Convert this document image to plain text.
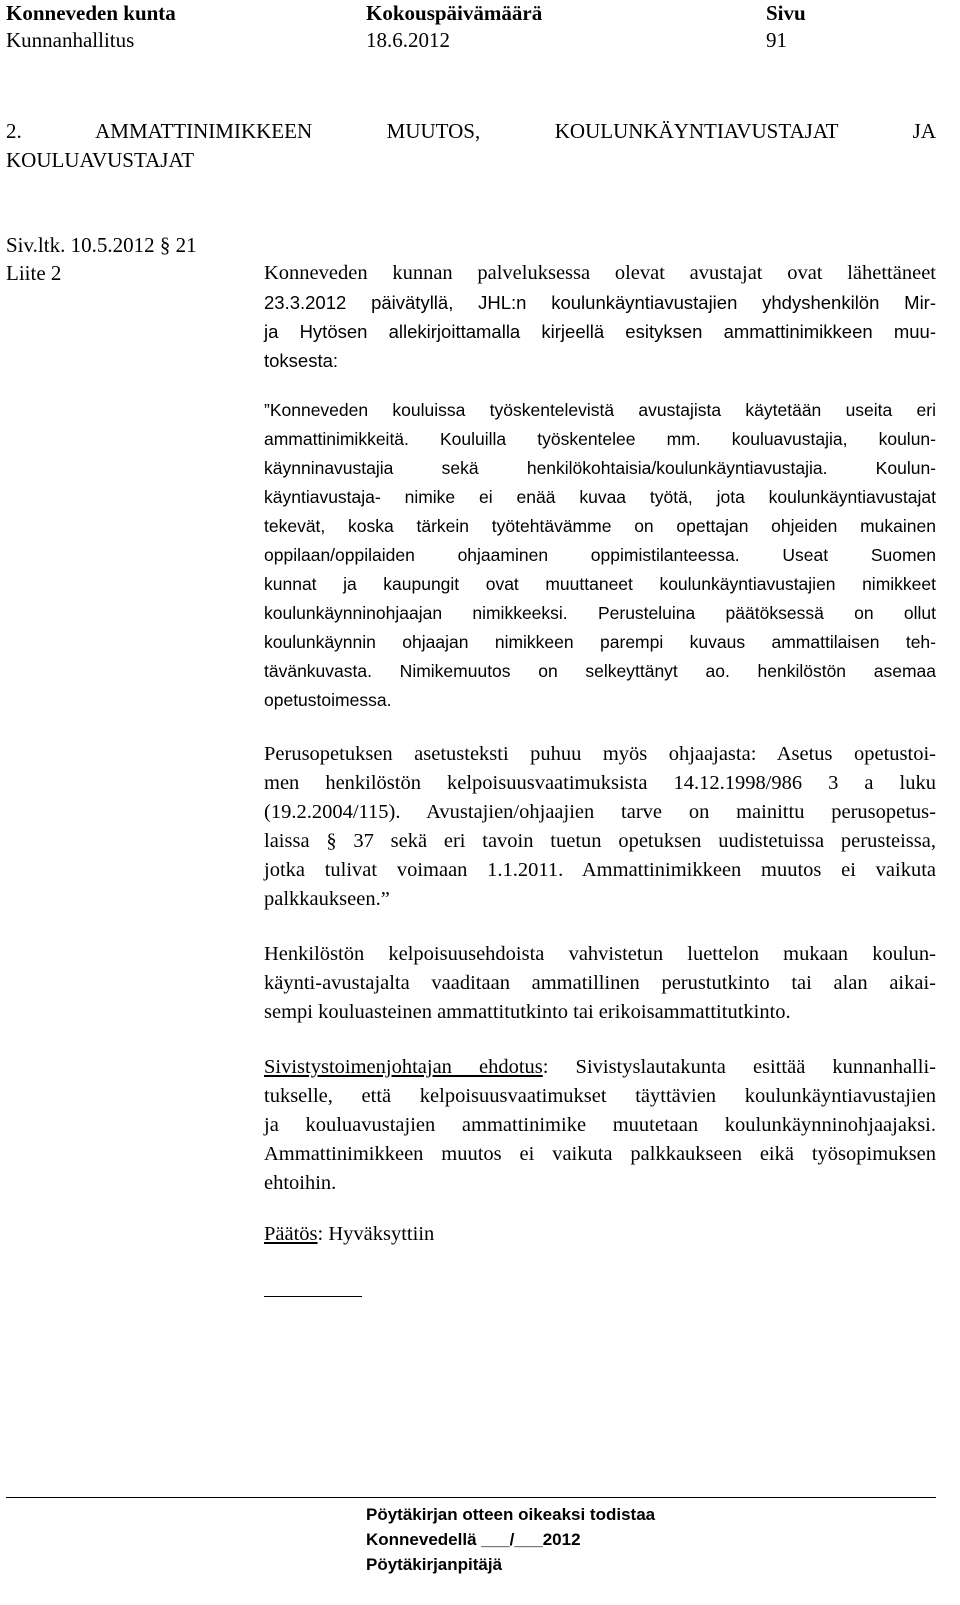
Konneveden kunta
Kunnanhallitus
Kokouspäivämäärä
18.6.2012
Sivu
91
2. AMMATTINIMIKKEEN MUUTOS, KOULUNKÄYNTIAVUSTAJAT JA
KOULUAVUSTAJAT
Siv.ltk. 10.5.2012 § 21
Liite 2	Konneveden kunnan palveluksessa olevat avustajat ovat lähettäneet
23.3.2012 päivätyllä, JHL:n koulunkäyntiavustajien yhdyshenkilön Mir-
ja Hytösen allekirjoittamalla kirjeellä esityksen ammattinimikkeen muu-
toksesta:
”Konneveden kouluissa työskentelevistä avustajista käytetään useita eri
ammattinimikkeitä. Kouluilla työskentelee mm. kouluavustajia, koulun-
käynninavustajia sekä henkilökohtaisia/koulunkäyntiavustajia. Koulun-
käyntiavustaja- nimike ei enää kuvaa työtä, jota koulunkäyntiavustajat
tekevät, koska tärkein työtehtävämme on opettajan ohjeiden mukainen
oppilaan/oppilaiden ohjaaminen oppimistilanteessa. Useat Suomen
kunnat ja kaupungit ovat muuttaneet koulunkäyntiavustajien nimikkeet
koulunkäynninohjaajan nimikkeeksi. Perusteluina päätöksessä on ollut
koulunkäynnin ohjaajan nimikkeen parempi kuvaus ammattilaisen teh-
tävänkuvasta. Nimikemuutos on selkeyttänyt ao. henkilöstön asemaa
opetustoimessa.
Perusopetuksen asetusteksti puhuu myös ohjaajasta: Asetus opetustoi-
men henkilöstön kelpoisuusvaatimuksista 14.12.1998/986 3 a luku
(19.2.2004/115). Avustajien/ohjaajien tarve on mainittu perusopetus-
laissa § 37 sekä eri tavoin tuetun opetuksen uudistetuissa perusteissa,
jotka tulivat voimaan 1.1.2011. Ammattinimikkeen muutos ei vaikuta
palkkaukseen.”
Henkilöstön kelpoisuusehdoista vahvistetun luettelon mukaan koulun-
käynti-avustajalta vaaditaan ammatillinen perustutkinto tai alan aikai-
sempi kouluasteinen ammattitutkinto tai erikoisammattitutkinto.
Sivistystoimenjohtajan ehdotus: Sivistyslautakunta esittää kunnanhalli-
tukselle, että kelpoisuusvaatimukset täyttävien koulunkäyntiavustajien
ja kouluavustajien ammattinimike muutetaan koulunkäynninohjaajaksi.
Ammattinimikkeen muutos ei vaikuta palkkaukseen eikä työsopimuksen
ehtoihin.
Päätös: Hyväksyttiin
Pöytäkirjan otteen oikeaksi todistaa
Konnevedellä ___/___2012
Pöytäkirjanpitäjä
